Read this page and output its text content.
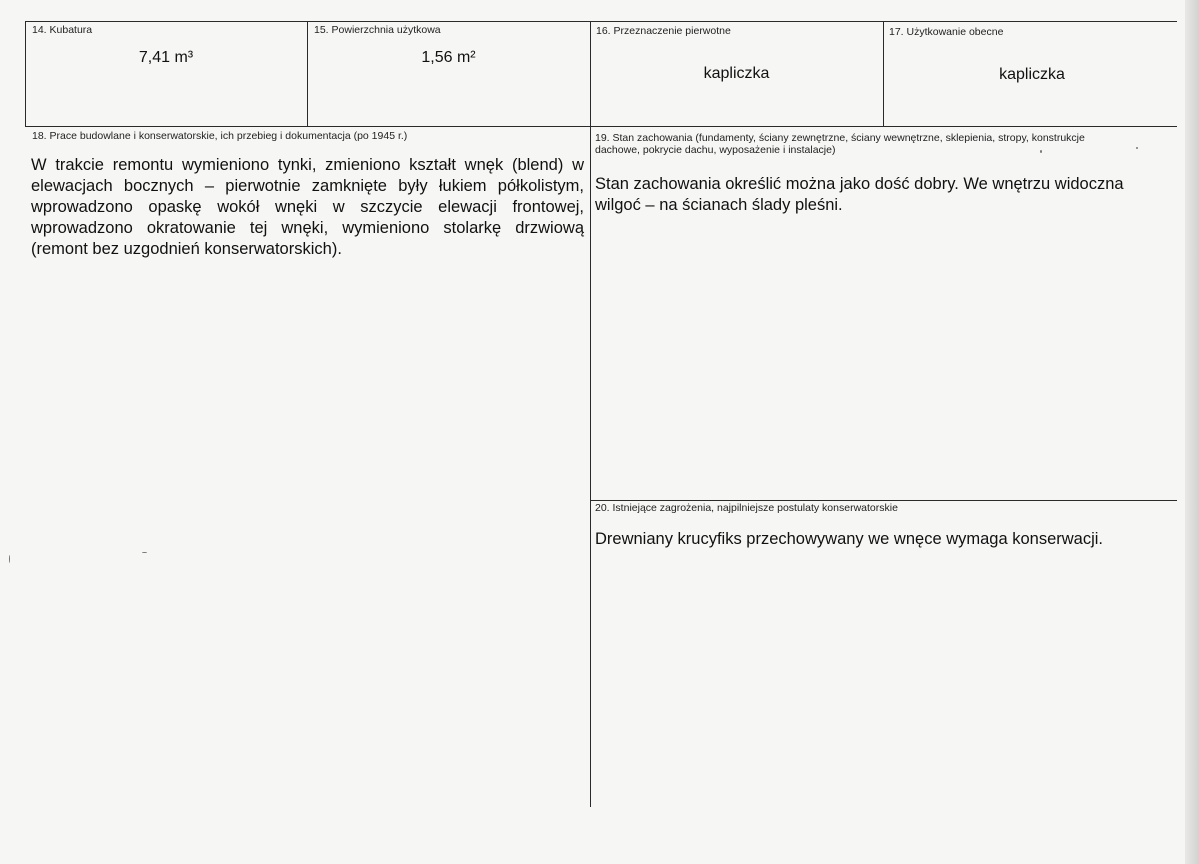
14. Kubatura
7,41 m³
15. Powierzchnia użytkowa
1,56 m²
16. Przeznaczenie pierwotne
kapliczka
17. Użytkowanie obecne
kapliczka
18. Prace budowlane i konserwatorskie, ich przebieg i dokumentacja (po 1945 r.)
W trakcie remontu wymieniono tynki, zmieniono kształt wnęk (blend) w elewacjach bocznych – pierwotnie zamknięte były łukiem półkolistym, wprowadzono opaskę wokół wnęki w szczycie elewacji frontowej, wprowadzono okratowanie tej wnęki, wymieniono stolarkę drzwiową (remont bez uzgodnień konserwatorskich).
19. Stan zachowania (fundamenty, ściany zewnętrzne, ściany wewnętrzne, sklepienia, stropy, konstrukcje dachowe, pokrycie dachu, wyposażenie i instalacje)
Stan zachowania określić można jako dość dobry. We wnętrzu widoczna wilgoć – na ścianach ślady pleśni.
20. Istniejące zagrożenia, najpilniejsze postulaty konserwatorskie
Drewniany krucyfiks przechowywany we wnęce wymaga konserwacji.
